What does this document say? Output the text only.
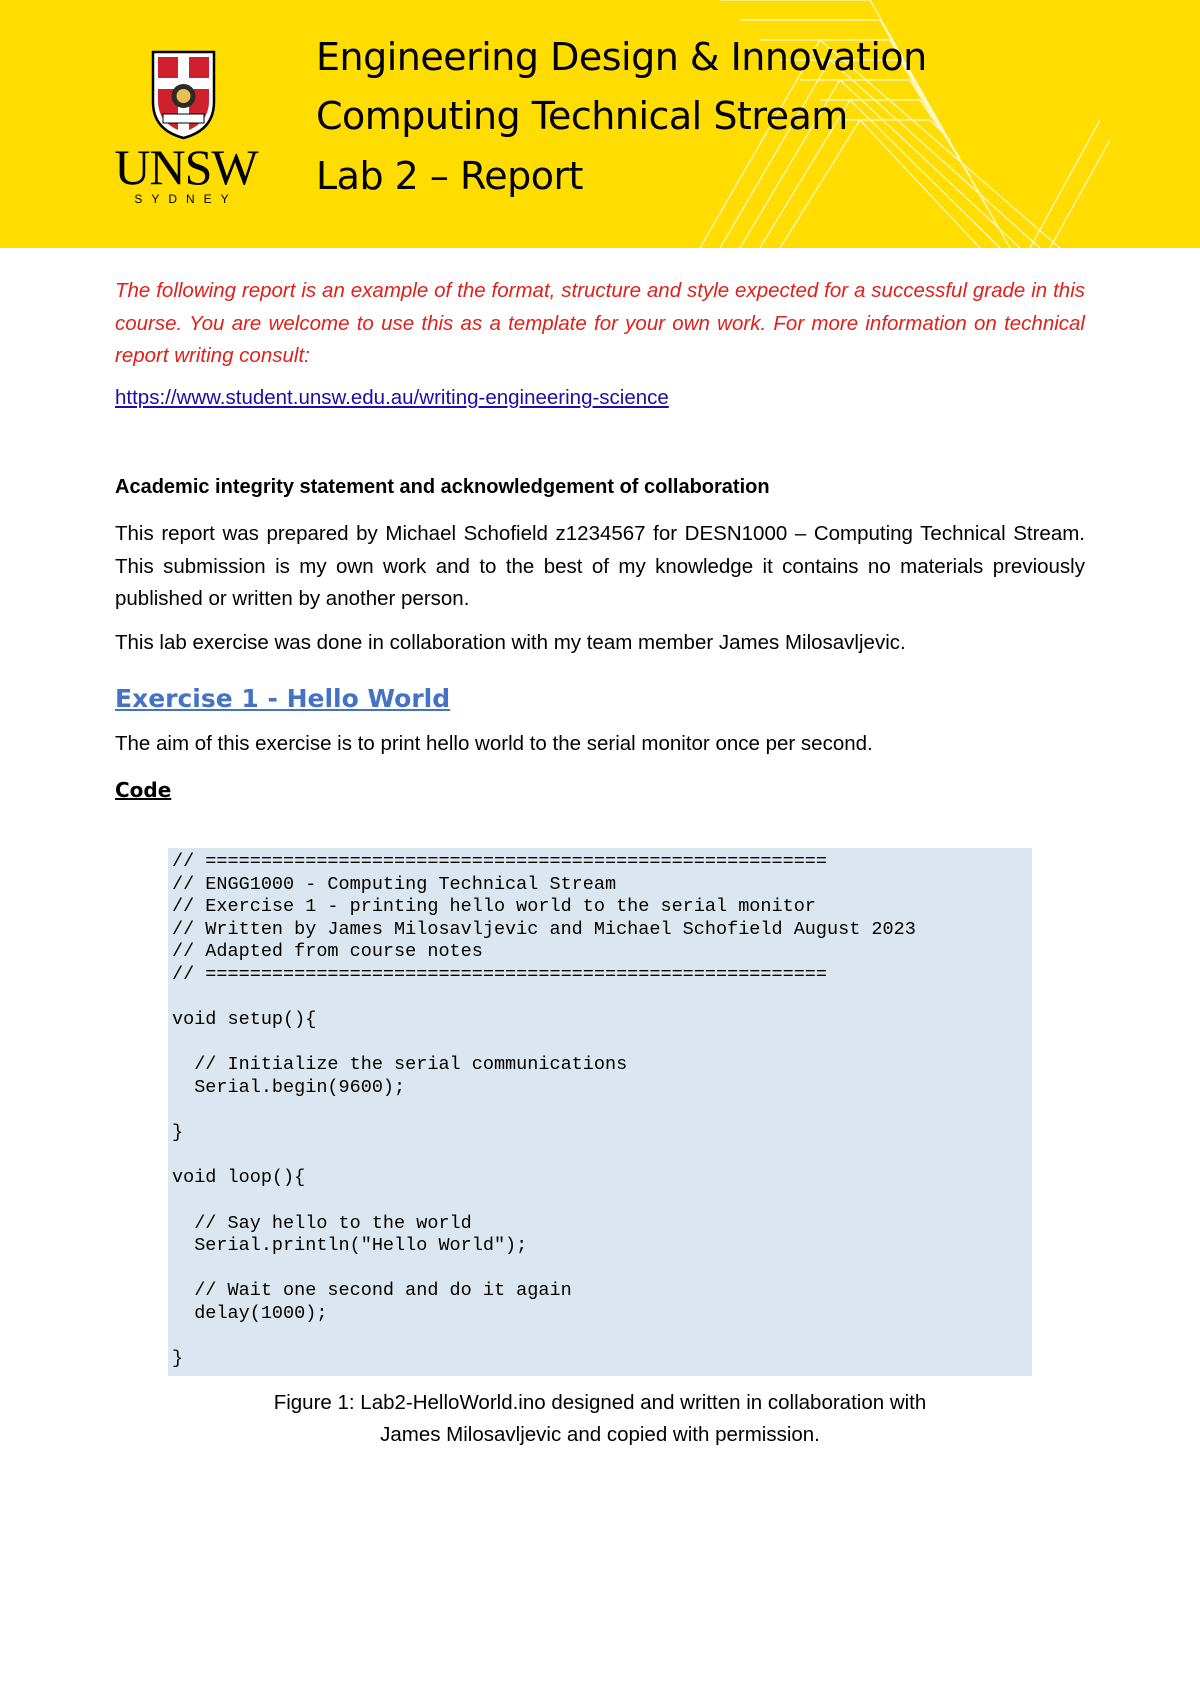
UNSW
SYDNEY
Engineering Design & Innovation
Computing Technical Stream
Lab 2 – Report

The following report is an example of the format, structure and style expected for a successful grade in this course. You are welcome to use this as a template for your own work. For more information on technical report writing consult:

https://www.student.unsw.edu.au/writing-engineering-science
Academic integrity statement and acknowledgement of collaboration

This report was prepared by Michael Schofield z1234567 for DESN1000 – Computing Technical Stream. This submission is my own work and to the best of my knowledge it contains no materials previously published or written by another person.

This lab exercise was done in collaboration with my team member James Milosavljevic.

Exercise 1 - Hello World
The aim of this exercise is to print hello world to the serial monitor once per second.
Code
// ========================================================
// ENGG1000 - Computing Technical Stream
// Exercise 1 - printing hello world to the serial monitor
// Written by James Milosavljevic and Michael Schofield August 2023
// Adapted from course notes
// ========================================================

void setup(){

// Initialize the serial communications
Serial.begin(9600);

}

void loop(){

// Say hello to the world
Serial.println("Hello World");

// Wait one second and do it again
delay(1000);

}
Figure 1: Lab2-HelloWorld.ino designed and written in collaboration with
James Milosavljevic and copied with permission.
